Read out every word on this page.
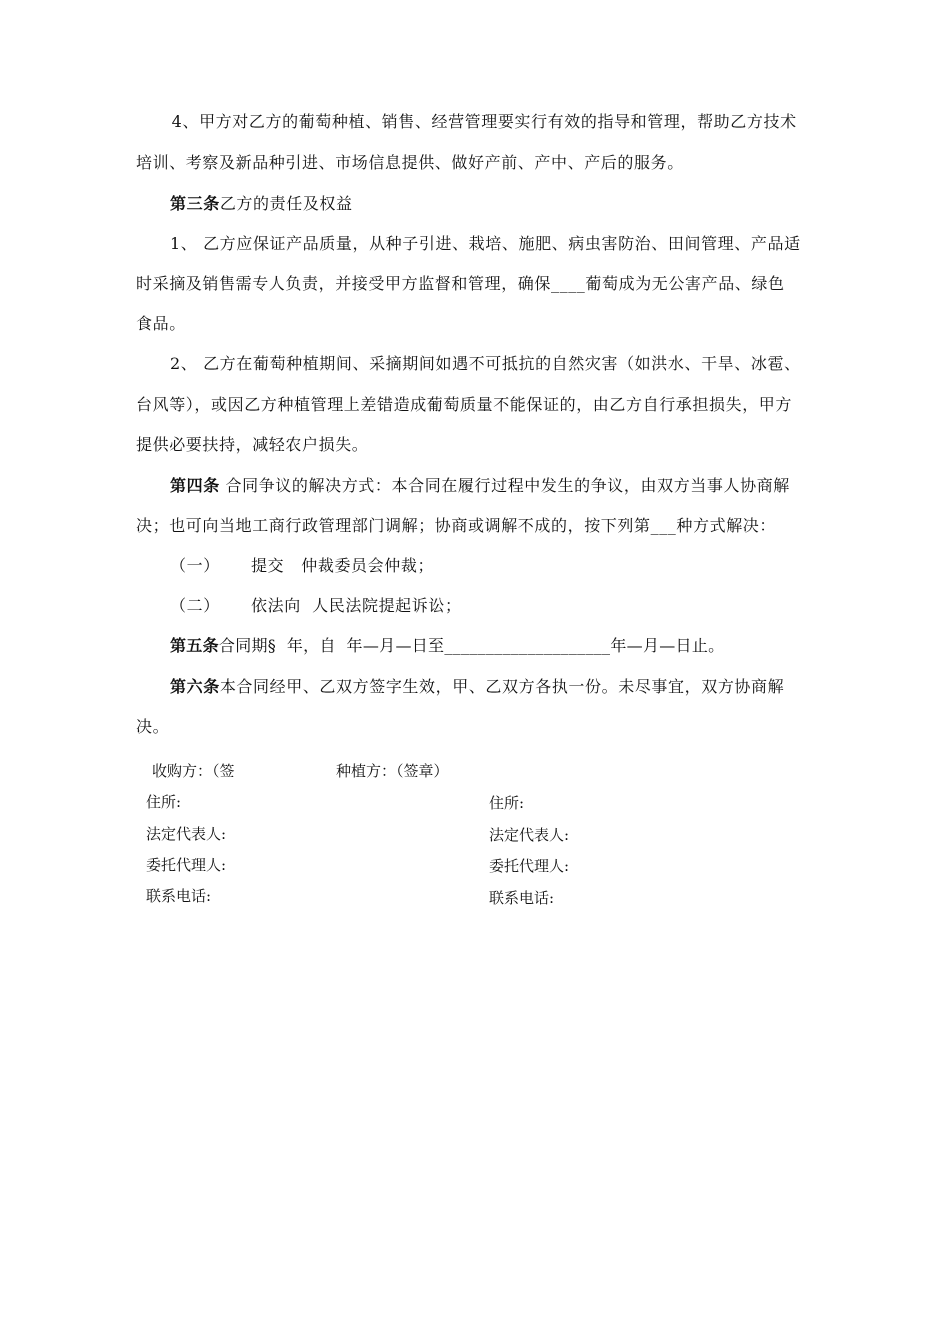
4、甲方对乙方的葡萄种植、销售、经营管理要实行有效的指导和管理，帮助乙方技术
培训、考察及新品种引进、市场信息提供、做好产前、产中、产后的服务。
第三条乙方的责任及权益
1、 乙方应保证产品质量，从种子引进、栽培、施肥、病虫害防治、田间管理、产品适
时采摘及销售需专人负责，并接受甲方监督和管理，确保____葡萄成为无公害产品、绿色
食品。
2、 乙方在葡萄种植期间、采摘期间如遇不可抵抗的自然灾害（如洪水、干旱、冰雹、
台风等），或因乙方种植管理上差错造成葡萄质量不能保证的，由乙方自行承担损失，甲方
提供必要扶持，减轻农户损失。
第四条 合同争议的解决方式：本合同在履行过程中发生的争议，由双方当事人协商解
决；也可向当地工商行政管理部门调解；协商或调解不成的，按下列第___种方式解决：
（一） 提交   仲裁委员会仲裁；
（二） 依法向  人民法院提起诉讼；
第五条合同期§  年，自  年—月—日至____________________年—月—日止。
第六条本合同经甲、乙双方签字生效，甲、乙双方各执一份。未尽事宜，双方协商解
决。
收购方：（签	种植方：（签章）
住所:
法定代表人:
委托代理人:
联系电话:
住所:
法定代表人:
委托代理人:
联系电话:
